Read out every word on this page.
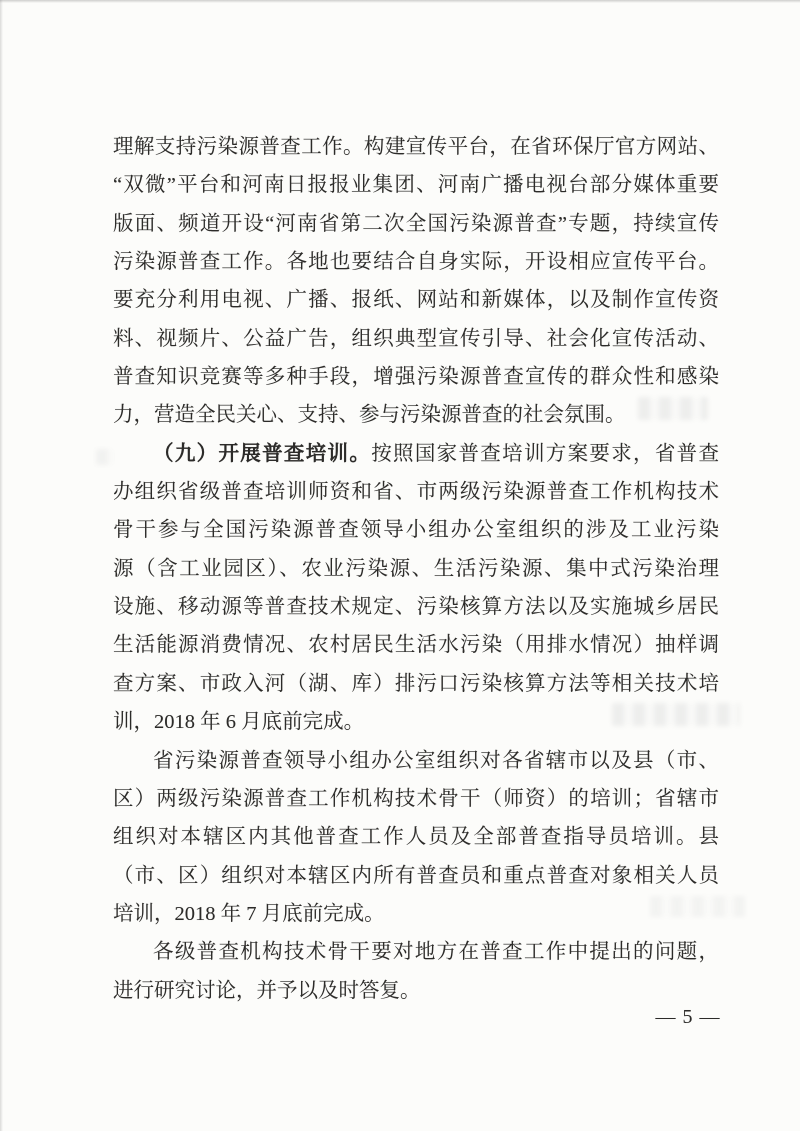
理解支持污染源普查工作。构建宣传平台，在省环保厅官方网站、
“双微”平台和河南日报报业集团、河南广播电视台部分媒体重要
版面、频道开设“河南省第二次全国污染源普查”专题，持续宣传
污染源普查工作。各地也要结合自身实际，开设相应宣传平台。
要充分利用电视、广播、报纸、网站和新媒体，以及制作宣传资
料、视频片、公益广告，组织典型宣传引导、社会化宣传活动、
普查知识竞赛等多种手段，增强污染源普查宣传的群众性和感染
力，营造全民关心、支持、参与污染源普查的社会氛围。
（九）开展普查培训。按照国家普查培训方案要求，省普查
办组织省级普查培训师资和省、市两级污染源普查工作机构技术
骨干参与全国污染源普查领导小组办公室组织的涉及工业污染
源（含工业园区）、农业污染源、生活污染源、集中式污染治理
设施、移动源等普查技术规定、污染核算方法以及实施城乡居民
生活能源消费情况、农村居民生活水污染（用排水情况）抽样调
查方案、市政入河（湖、库）排污口污染核算方法等相关技术培
训，2018 年 6 月底前完成。
省污染源普查领导小组办公室组织对各省辖市以及县（市、
区）两级污染源普查工作机构技术骨干（师资）的培训；省辖市
组织对本辖区内其他普查工作人员及全部普查指导员培训。县
（市、区）组织对本辖区内所有普查员和重点普查对象相关人员
培训，2018 年 7 月底前完成。
各级普查机构技术骨干要对地方在普查工作中提出的问题，
进行研究讨论，并予以及时答复。
— 5 —
